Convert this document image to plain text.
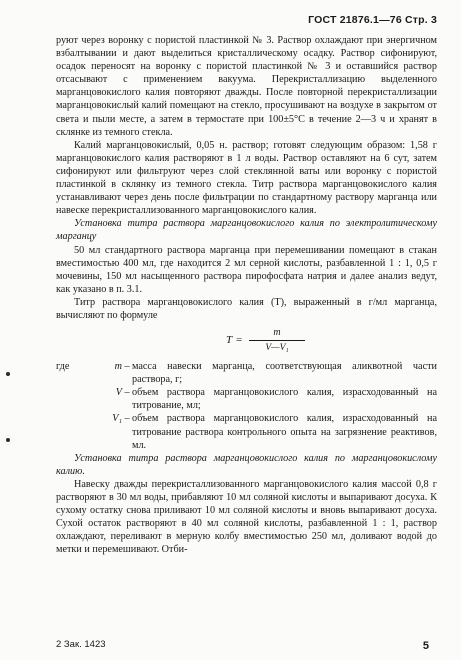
ГОСТ 21876.1—76 Стр. 3

руют через воронку с пористой пластинкой № 3. Раствор охлаждают при энергичном взбалтывании и дают выделиться кристаллическому осадку. Раствор сифонируют, осадок переносят на воронку с пористой пластинкой № 3 и оставшийся раствор отсасывают с применением вакуума. Перекристаллизацию выделенного марганцовокислого калия повторяют дважды. После повторной перекристаллизации марганцовокислый калий помещают на стекло, просушивают на воздухе в закрытом от света и пыли месте, а затем в термостате при 100±5°С в течение 2—3 ч и хранят в склянке из темного стекла.

Калий марганцовокислый, 0,05 н. раствор; готовят следующим образом: 1,58 г марганцовокислого калия растворяют в 1 л воды. Раствор оставляют на 6 сут, затем сифонируют или фильтруют через слой стеклянной ваты или воронку с пористой пластинкой в склянку из темного стекла. Титр раствора марганцовокислого калия устанавливают через день после фильтрации по стандартному раствору марганца или навеске перекристаллизованного марганцовокислого калия.

Установка титра раствора марганцовокислого калия по электролитическому марганцу

50 мл стандартного раствора марганца при перемешивании помещают в стакан вместимостью 400 мл, где находится 2 мл серной кислоты, разбавленной 1 : 1, 0,5 г мочевины, 150 мл насыщенного раствора пирофосфата натрия и далее анализ ведут, как указано в п. 3.1.

Титр раствора марганцовокислого калия (T), выраженный в г/мл марганца, вычисляют по формуле

$T = \frac{m}{\text{V—V₁}}$
где	m – масса навески марганца, соответствующая аликвотной части раствора, г;
V – объем раствора марганцовокислого калия, израсходованный на титрование, мл;
V₁ – объем раствора марганцовокислого калия, израсходованный на титрование раствора контрольного опыта на загрязнение реактивов, мл.

Установка титра раствора марганцовокислого калия по марганцовокислому калию.

Навеску дважды перекристаллизованного марганцовокислого калия массой 0,8 г растворяют в 30 мл воды, прибавляют 10 мл соляной кислоты и выпаривают досуха. К сухому остатку снова приливают 10 мл соляной кислоты и вновь выпаривают досуха. Сухой остаток растворяют в 40 мл соляной кислоты, разбавленной 1 : 1, раствор охлаждают, переливают в мерную колбу вместимостью 250 мл, доливают водой до метки и перемешивают. Отби-

2 Зак. 1423	5
